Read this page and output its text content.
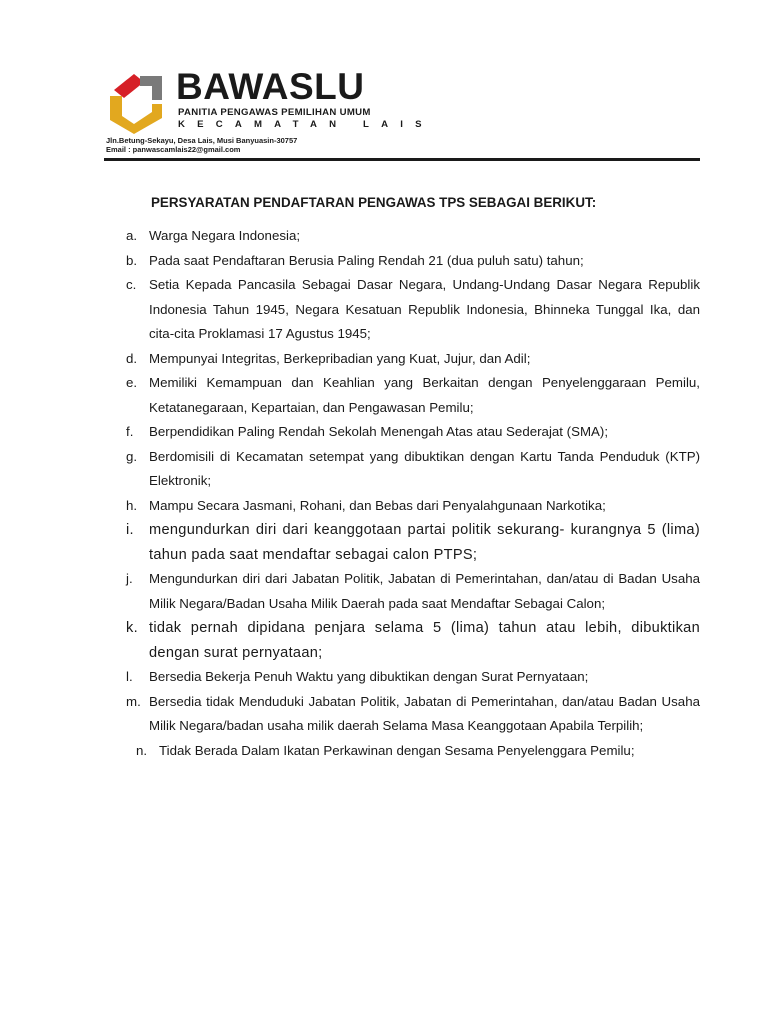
BAWASLU
PANITIA PENGAWAS PEMILIHAN UMUM
KECAMATAN LAIS
Jln.Betung-Sekayu, Desa Lais, Musi Banyuasin-30757
Email : panwascamlais22@gmail.com
PERSYARATAN PENDAFTARAN PENGAWAS TPS SEBAGAI BERIKUT:
a. Warga Negara Indonesia;
b. Pada saat Pendaftaran Berusia Paling Rendah 21 (dua puluh satu) tahun;
c. Setia Kepada Pancasila Sebagai Dasar Negara, Undang-Undang Dasar Negara Republik Indonesia Tahun 1945, Negara Kesatuan Republik Indonesia, Bhinneka Tunggal Ika, dan cita-cita Proklamasi 17 Agustus 1945;
d. Mempunyai Integritas, Berkepribadian yang Kuat, Jujur, dan Adil;
e. Memiliki Kemampuan dan Keahlian yang Berkaitan dengan Penyelenggaraan Pemilu, Ketatanegaraan, Kepartaian, dan Pengawasan Pemilu;
f. Berpendidikan Paling Rendah Sekolah Menengah Atas atau Sederajat (SMA);
g. Berdomisili di Kecamatan setempat yang dibuktikan dengan Kartu Tanda Penduduk (KTP) Elektronik;
h. Mampu Secara Jasmani, Rohani, dan Bebas dari Penyalahgunaan Narkotika;
i. mengundurkan diri dari keanggotaan partai politik sekurang- kurangnya 5 (lima) tahun pada saat mendaftar sebagai calon PTPS;
j. Mengundurkan diri dari Jabatan Politik, Jabatan di Pemerintahan, dan/atau di Badan Usaha Milik Negara/Badan Usaha Milik Daerah pada saat Mendaftar Sebagai Calon;
k. tidak pernah dipidana penjara selama 5 (lima) tahun atau lebih, dibuktikan dengan surat pernyataan;
l. Bersedia Bekerja Penuh Waktu yang dibuktikan dengan Surat Pernyataan;
m. Bersedia tidak Menduduki Jabatan Politik, Jabatan di Pemerintahan, dan/atau Badan Usaha Milik Negara/badan usaha milik daerah Selama Masa Keanggotaan Apabila Terpilih;
n. Tidak Berada Dalam Ikatan Perkawinan dengan Sesama Penyelenggara Pemilu;
